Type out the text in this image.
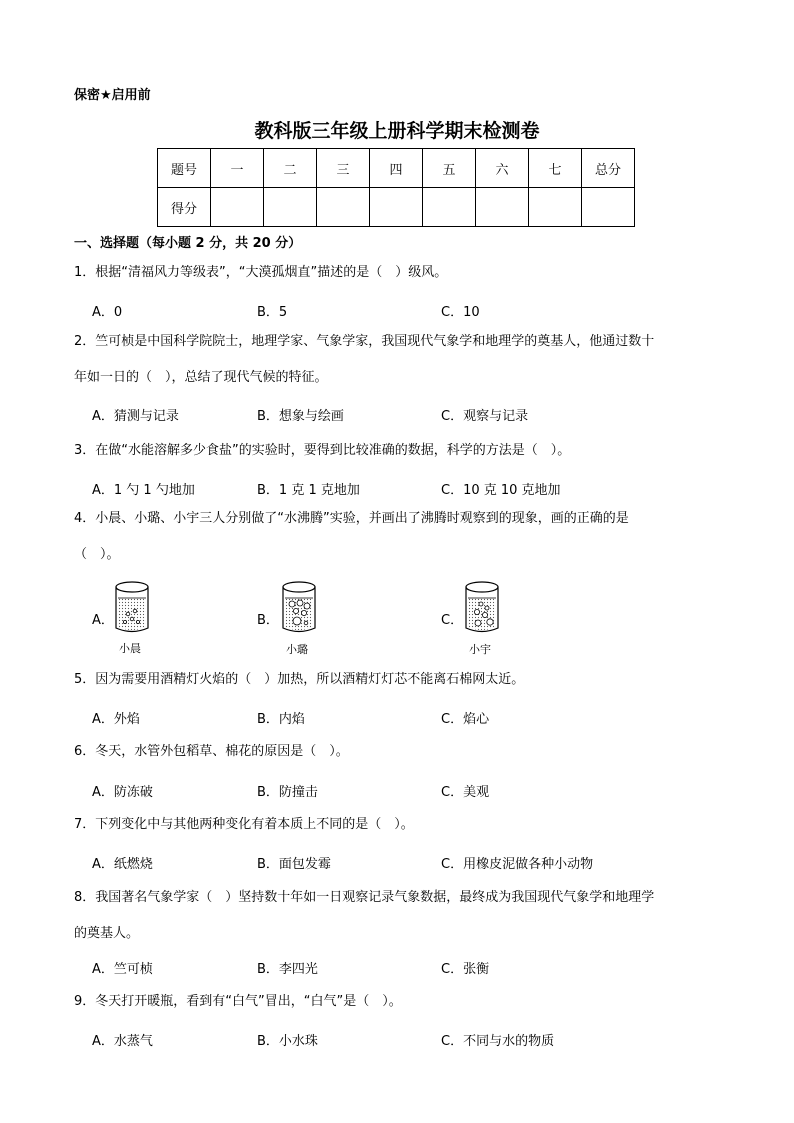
保密★启用前
教科版三年级上册科学期末检测卷
题号	一	二	三	四	五	六	七	总分
得分								
一、选择题（每小题 2 分，共 20 分）
1．根据“清福风力等级表”，“大漠孤烟直”描述的是（　）级风。
A．0	B．5	C．10
2．竺可桢是中国科学院院士，地理学家、气象学家，我国现代气象学和地理学的奠基人，他通过数十
年如一日的（　），总结了现代气候的特征。
A．猜测与记录	B．想象与绘画	C．观察与记录
3．在做“水能溶解多少食盐”的实验时，要得到比较准确的数据，科学的方法是（　）。
A．1 勺 1 勺地加	B．1 克 1 克地加	C．10 克 10 克地加
4．小晨、小璐、小宇三人分别做了“水沸腾”实验，并画出了沸腾时观察到的现象，画的正确的是
（　）。
A．	B．	C．
小晨	小璐	小宇
5．因为需要用酒精灯火焰的（　）加热，所以酒精灯灯芯不能离石棉网太近。
A．外焰	B．内焰	C．焰心
6．冬天，水管外包稻草、棉花的原因是（　）。
A．防冻破	B．防撞击	C．美观
7．下列变化中与其他两种变化有着本质上不同的是（　）。
A．纸燃烧	B．面包发霉	C．用橡皮泥做各种小动物
8．我国著名气象学家（　）坚持数十年如一日观察记录气象数据，最终成为我国现代气象学和地理学
的奠基人。
A．竺可桢	B．李四光	C．张衡
9．冬天打开暖瓶，看到有“白气”冒出，“白气”是（　）。
A．水蒸气	B．小水珠	C．不同与水的物质
